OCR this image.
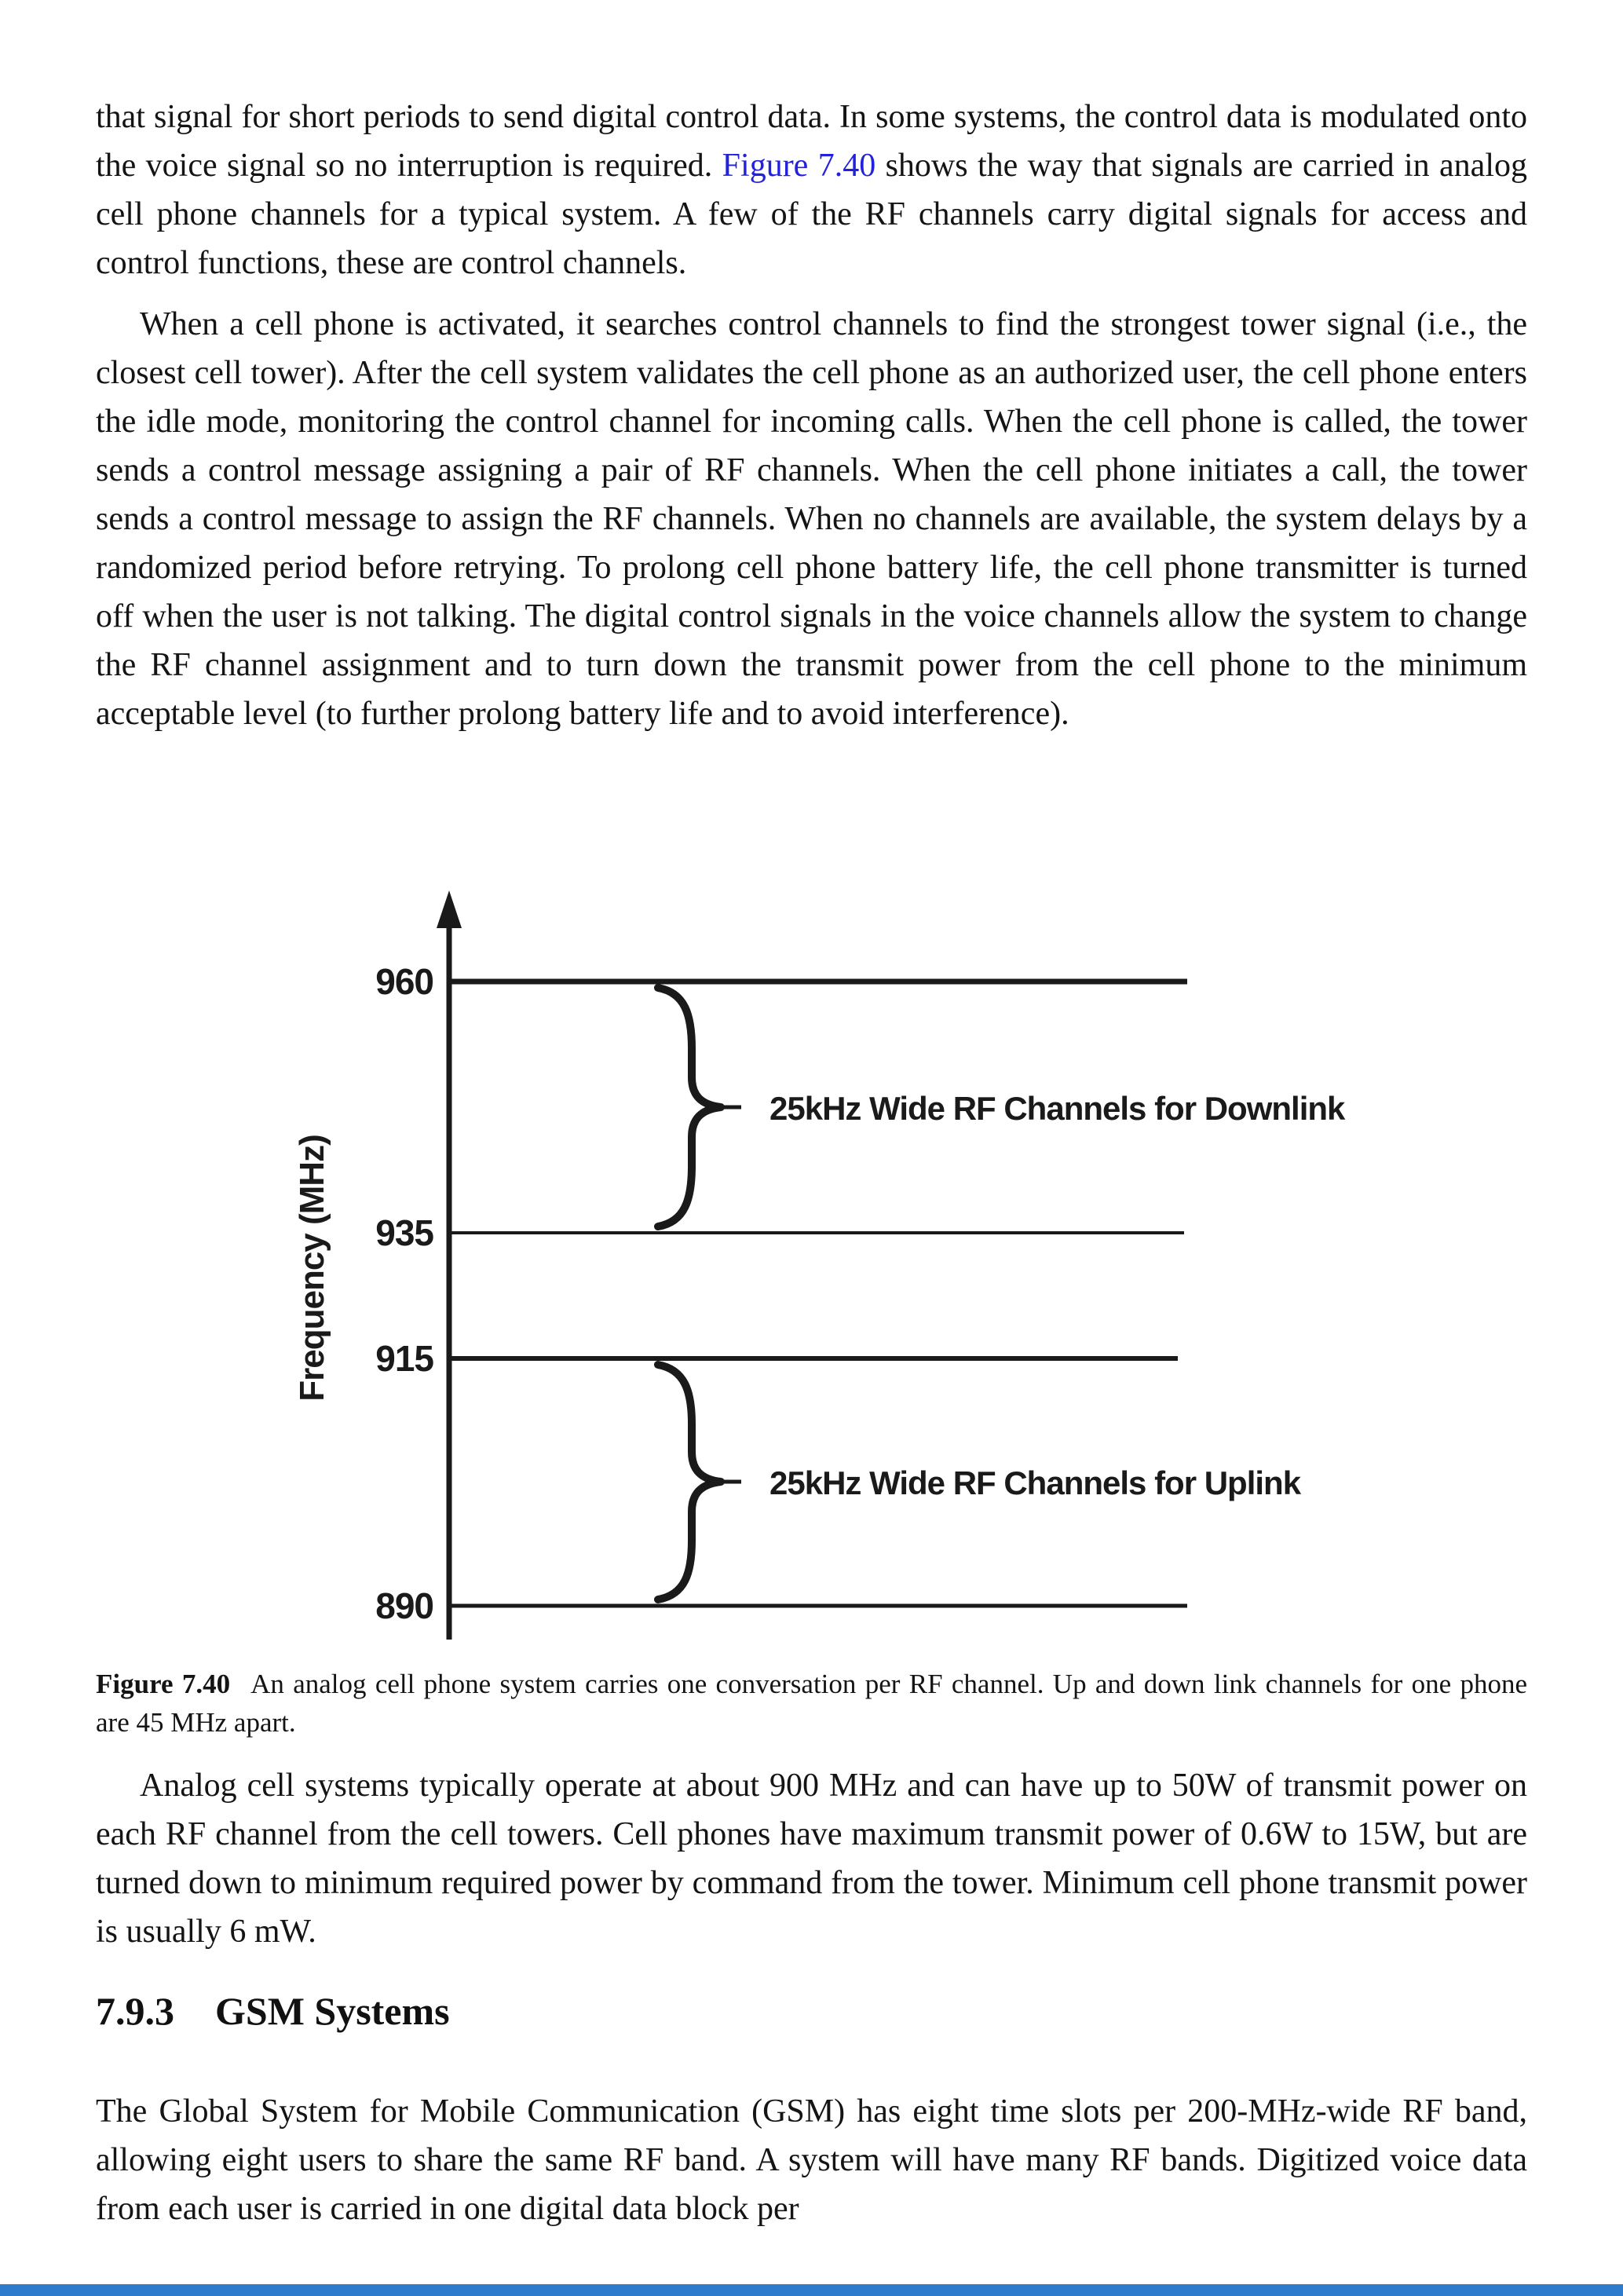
that signal for short periods to send digital control data. In some systems, the control data is modulated onto the voice signal so no interruption is required. Figure 7.40 shows the way that signals are carried in analog cell phone channels for a typical system. A few of the RF channels carry digital signals for access and control functions, these are control channels.

When a cell phone is activated, it searches control channels to find the strongest tower signal (i.e., the closest cell tower). After the cell system validates the cell phone as an authorized user, the cell phone enters the idle mode, monitoring the control channel for incoming calls. When the cell phone is called, the tower sends a control message assigning a pair of RF channels. When the cell phone initiates a call, the tower sends a control message to assign the RF channels. When no channels are available, the system delays by a randomized period before retrying. To prolong cell phone battery life, the cell phone transmitter is turned off when the user is not talking. The digital control signals in the voice channels allow the system to change the RF channel assignment and to turn down the transmit power from the cell phone to the minimum acceptable level (to further prolong battery life and to avoid interference).

960
935
915
890
25kHz Wide RF Channels for Downlink
25kHz Wide RF Channels for Uplink
Frequency (MHz)
Figure 7.40 An analog cell phone system carries one conversation per RF channel. Up and down link channels for one phone are 45 MHz apart.

Analog cell systems typically operate at about 900 MHz and can have up to 50W of transmit power on each RF channel from the cell towers. Cell phones have maximum transmit power of 0.6W to 15W, but are turned down to minimum required power by command from the tower. Minimum cell phone transmit power is usually 6 mW.

7.9.3 GSM Systems

The Global System for Mobile Communication (GSM) has eight time slots per 200-MHz-wide RF band, allowing eight users to share the same RF band. A system will have many RF bands. Digitized voice data from each user is carried in one digital data block per
